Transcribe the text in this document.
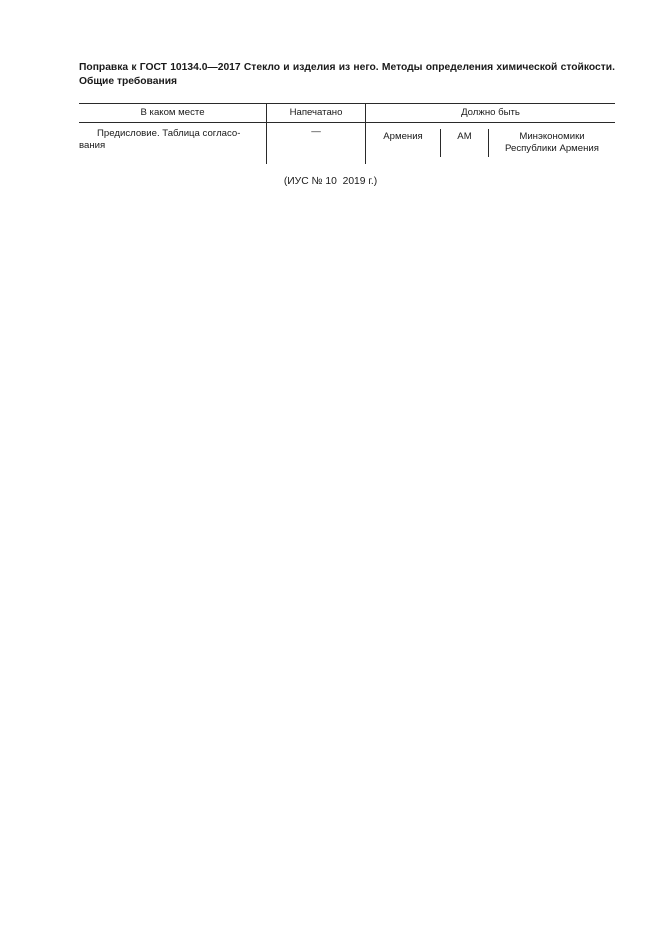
Поправка к ГОСТ 10134.0—2017 Стекло и изделия из него. Методы определения химической стойкости. Общие требования
В каком месте	Напечатано	Должно быть
Предисловие. Таблица согласо-
вания
—	Армения	AM	Минэкономики
Республики Армения
(ИУС № 10  2019 г.)
